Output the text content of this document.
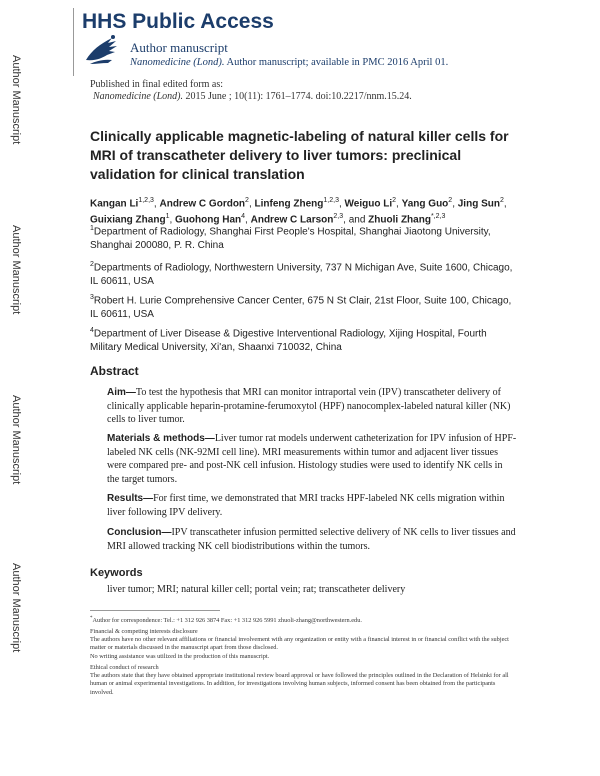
Author Manuscript
Author Manuscript
Author Manuscript
Author Manuscript
HHS Public Access
Author manuscript
Nanomedicine (Lond). Author manuscript; available in PMC 2016 April 01.
Published in final edited form as:
Nanomedicine (Lond). 2015 June ; 10(11): 1761–1774. doi:10.2217/nnm.15.24.
Clinically applicable magnetic-labeling of natural killer cells for MRI of transcatheter delivery to liver tumors: preclinical validation for clinical translation
Kangan Li$^{1,2,3}$, Andrew C Gordon$^2$, Linfeng Zheng$^{1,2,3}$, Weiguo Li$^2$, Yang Guo$^2$, Jing Sun$^2$, Guixiang Zhang$^1$, Guohong Han$^4$, Andrew C Larson$^{2,3}$, and Zhuoli Zhang$^{*,2,3}$
$^1$Department of Radiology, Shanghai First People's Hospital, Shanghai Jiaotong University, Shanghai 200080, P. R. China
$^2$Departments of Radiology, Northwestern University, 737 N Michigan Ave, Suite 1600, Chicago, IL 60611, USA
$^3$Robert H. Lurie Comprehensive Cancer Center, 675 N St Clair, 21st Floor, Suite 100, Chicago, IL 60611, USA
$^4$Department of Liver Disease & Digestive Interventional Radiology, Xijing Hospital, Fourth Military Medical University, Xi'an, Shaanxi 710032, China
Abstract
Aim—To test the hypothesis that MRI can monitor intraportal vein (IPV) transcatheter delivery of clinically applicable heparin-protamine-ferumoxytol (HPF) nanocomplex-labeled natural killer (NK) cells to liver tumor.
Materials & methods—Liver tumor rat models underwent catheterization for IPV infusion of HPF-labeled NK cells (NK-92MI cell line). MRI measurements within tumor and adjacent liver tissues were compared pre- and post-NK cell infusion. Histology studies were used to identify NK cells in the target tumors.
Results—For first time, we demonstrated that MRI tracks HPF-labeled NK cells migration within liver following IPV delivery.
Conclusion—IPV transcatheter infusion permitted selective delivery of NK cells to liver tissues and MRI allowed tracking NK cell biodistributions within the tumors.
Keywords
liver tumor; MRI; natural killer cell; portal vein; rat; transcatheter delivery
*Author for correspondence: Tel.: +1 312 926 3874 Fax: +1 312 926 5991 zhuoli-zhang@northwestern.edu.
Financial & competing interests disclosure
The authors have no other relevant affiliations or financial involvement with any organization or entity with a financial interest in or financial conflict with the subject matter or materials discussed in the manuscript apart from those disclosed.
No writing assistance was utilized in the production of this manuscript.
Ethical conduct of research
The authors state that they have obtained appropriate institutional review board approval or have followed the principles outlined in the Declaration of Helsinki for all human or animal experimental investigations. In addition, for investigations involving human subjects, informed consent has been obtained from the participants involved.
